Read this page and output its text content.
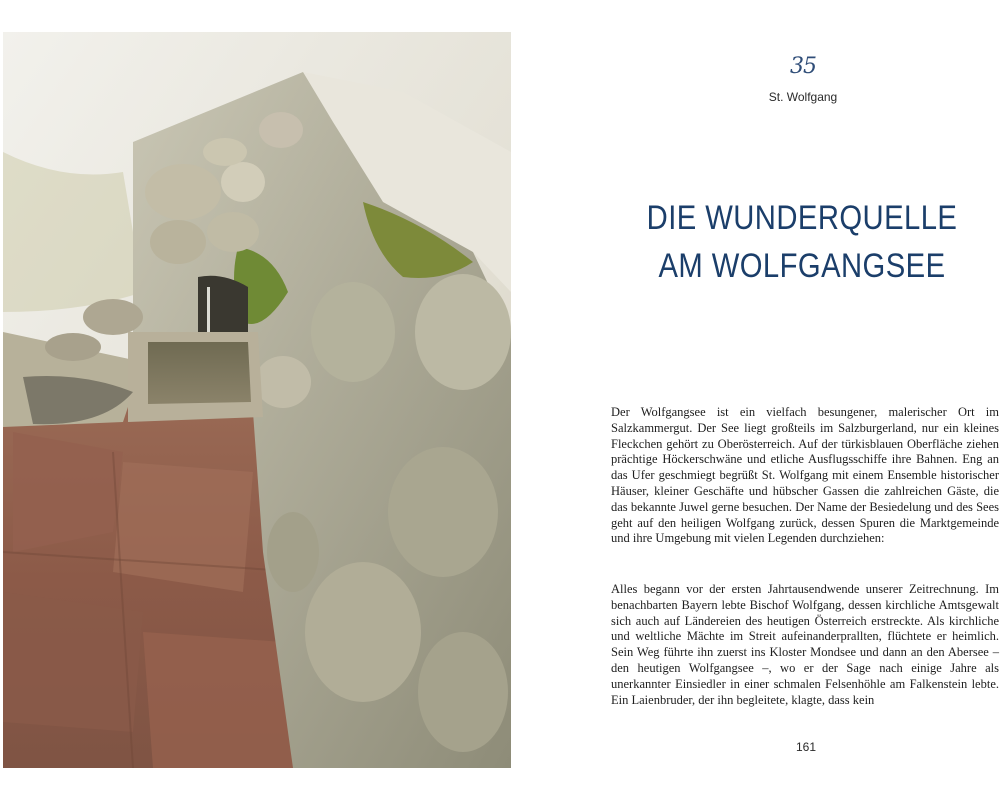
35
St. Wolfgang
DIE WUNDERQUELLE
AM WOLFGANGSEE

Der Wolfgangsee ist ein vielfach besungener, malerischer Ort im Salzkammergut. Der See liegt großteils im Salzburgerland, nur ein kleines Fleckchen gehört zu Oberösterreich. Auf der türkisblauen Oberfläche ziehen prächtige Höckerschwäne und etliche Ausflugsschiffe ihre Bahnen. Eng an das Ufer geschmiegt begrüßt St. Wolfgang mit einem Ensemble historischer Häuser, kleiner Geschäfte und hübscher Gassen die zahlreichen Gäste, die das bekannte Juwel gerne besuchen. Der Name der Besiedelung und des Sees geht auf den heiligen Wolfgang zurück, dessen Spuren die Marktgemeinde und ihre Umgebung mit vielen Legenden durchziehen:

Alles begann vor der ersten Jahrtausendwende unserer Zeitrechnung. Im benachbarten Bayern lebte Bischof Wolfgang, dessen kirchliche Amtsgewalt sich auch auf Ländereien des heutigen Österreich erstreckte. Als kirchliche und weltliche Mächte im Streit aufeinanderprallten, flüchtete er heimlich. Sein Weg führte ihn zuerst ins Kloster Mondsee und dann an den Abersee – den heutigen Wolfgangsee –, wo er der Sage nach einige Jahre als unerkannter Einsiedler in einer schmalen Felsenhöhle am Falkenstein lebte. Ein Laienbruder, der ihn begleitete, klagte, dass kein

161
